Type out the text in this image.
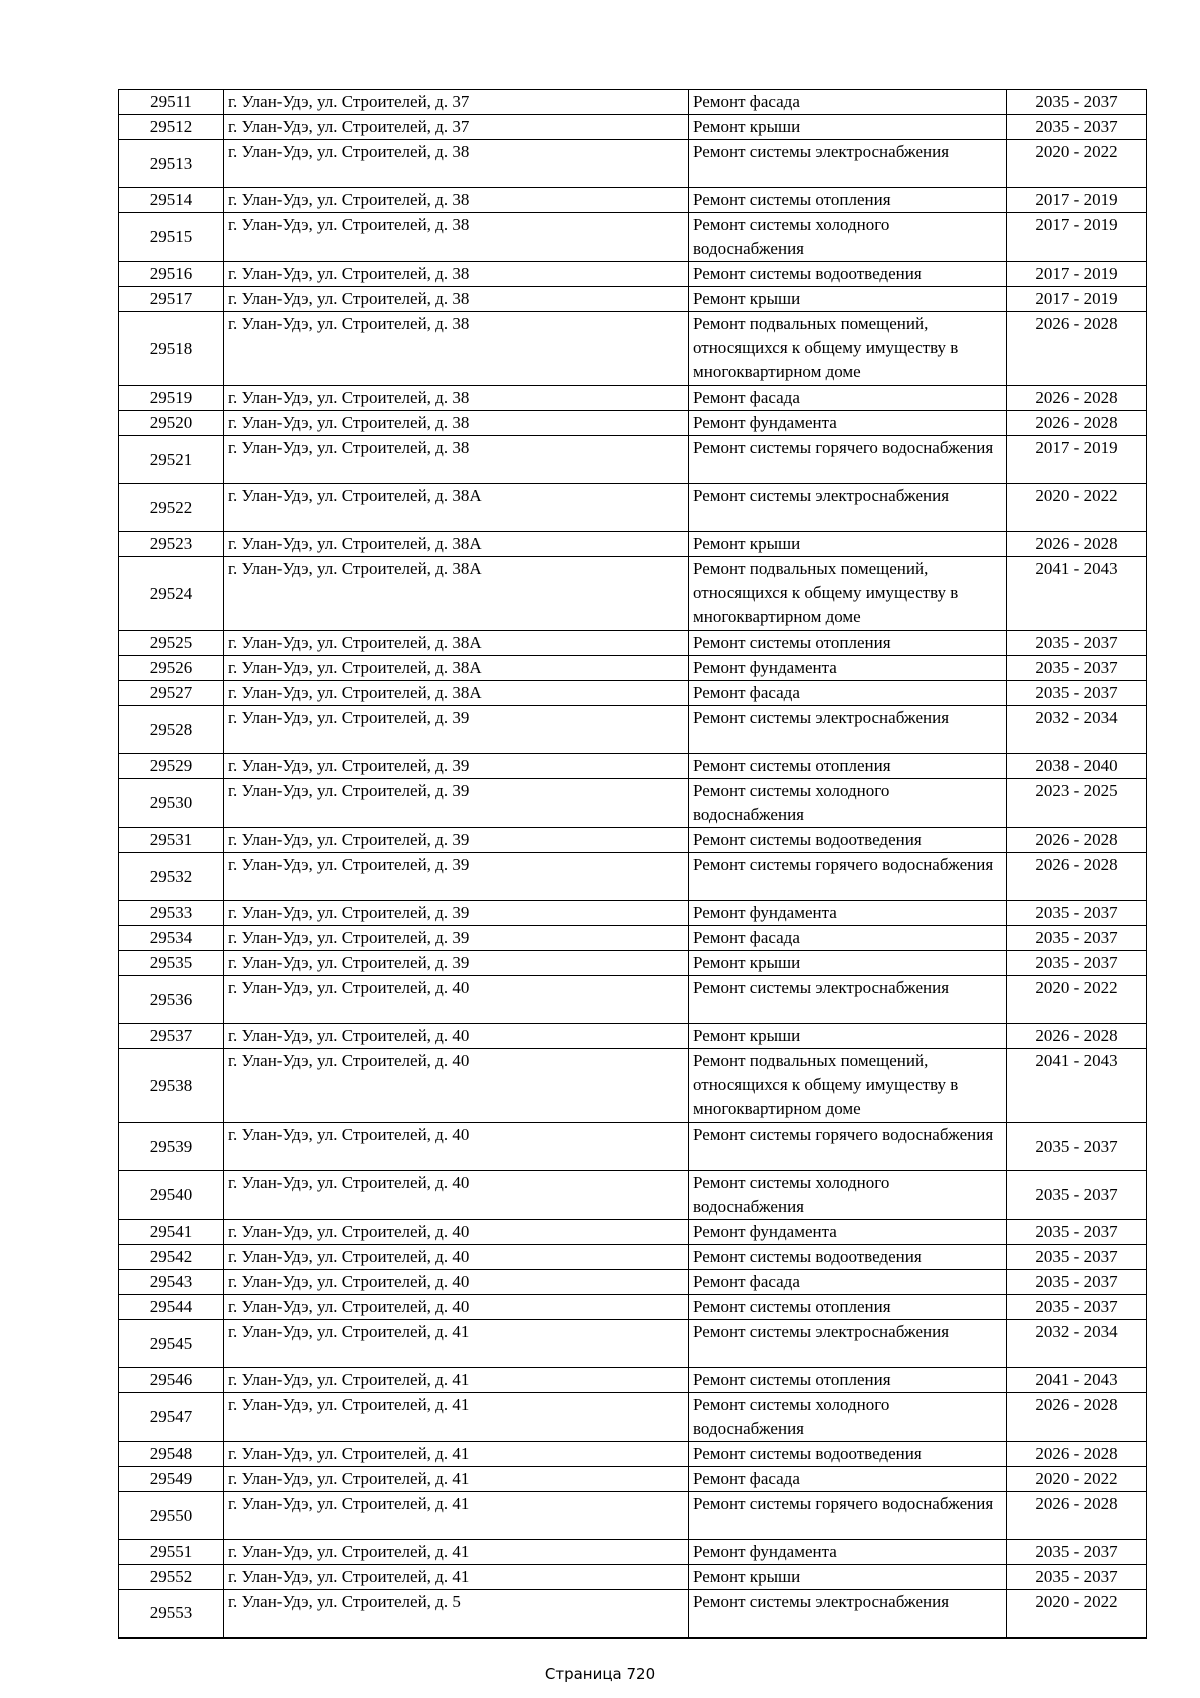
29511	г. Улан-Удэ, ул. Строителей, д. 37	Ремонт фасада	2035 - 2037
29512	г. Улан-Удэ, ул. Строителей, д. 37	Ремонт крыши	2035 - 2037
29513	г. Улан-Удэ, ул. Строителей, д. 38	Ремонт системы электроснабжения	2020 - 2022
29514	г. Улан-Удэ, ул. Строителей, д. 38	Ремонт системы отопления	2017 - 2019
29515	г. Улан-Удэ, ул. Строителей, д. 38	Ремонт системы холодного водоснабжения	2017 - 2019
29516	г. Улан-Удэ, ул. Строителей, д. 38	Ремонт системы водоотведения	2017 - 2019
29517	г. Улан-Удэ, ул. Строителей, д. 38	Ремонт крыши	2017 - 2019
29518	г. Улан-Удэ, ул. Строителей, д. 38	Ремонт подвальных помещений, относящихся к общему имуществу в многоквартирном доме	2026 - 2028
29519	г. Улан-Удэ, ул. Строителей, д. 38	Ремонт фасада	2026 - 2028
29520	г. Улан-Удэ, ул. Строителей, д. 38	Ремонт фундамента	2026 - 2028
29521	г. Улан-Удэ, ул. Строителей, д. 38	Ремонт системы горячего водоснабжения	2017 - 2019
29522	г. Улан-Удэ, ул. Строителей, д. 38А	Ремонт системы электроснабжения	2020 - 2022
29523	г. Улан-Удэ, ул. Строителей, д. 38А	Ремонт крыши	2026 - 2028
29524	г. Улан-Удэ, ул. Строителей, д. 38А	Ремонт подвальных помещений, относящихся к общему имуществу в многоквартирном доме	2041 - 2043
29525	г. Улан-Удэ, ул. Строителей, д. 38А	Ремонт системы отопления	2035 - 2037
29526	г. Улан-Удэ, ул. Строителей, д. 38А	Ремонт фундамента	2035 - 2037
29527	г. Улан-Удэ, ул. Строителей, д. 38А	Ремонт фасада	2035 - 2037
29528	г. Улан-Удэ, ул. Строителей, д. 39	Ремонт системы электроснабжения	2032 - 2034
29529	г. Улан-Удэ, ул. Строителей, д. 39	Ремонт системы отопления	2038 - 2040
29530	г. Улан-Удэ, ул. Строителей, д. 39	Ремонт системы холодного водоснабжения	2023 - 2025
29531	г. Улан-Удэ, ул. Строителей, д. 39	Ремонт системы водоотведения	2026 - 2028
29532	г. Улан-Удэ, ул. Строителей, д. 39	Ремонт системы горячего водоснабжения	2026 - 2028
29533	г. Улан-Удэ, ул. Строителей, д. 39	Ремонт фундамента	2035 - 2037
29534	г. Улан-Удэ, ул. Строителей, д. 39	Ремонт фасада	2035 - 2037
29535	г. Улан-Удэ, ул. Строителей, д. 39	Ремонт крыши	2035 - 2037
29536	г. Улан-Удэ, ул. Строителей, д. 40	Ремонт системы электроснабжения	2020 - 2022
29537	г. Улан-Удэ, ул. Строителей, д. 40	Ремонт крыши	2026 - 2028
29538	г. Улан-Удэ, ул. Строителей, д. 40	Ремонт подвальных помещений, относящихся к общему имуществу в многоквартирном доме	2041 - 2043
29539	г. Улан-Удэ, ул. Строителей, д. 40	Ремонт системы горячего водоснабжения	2035 - 2037
29540	г. Улан-Удэ, ул. Строителей, д. 40	Ремонт системы холодного водоснабжения	2035 - 2037
29541	г. Улан-Удэ, ул. Строителей, д. 40	Ремонт фундамента	2035 - 2037
29542	г. Улан-Удэ, ул. Строителей, д. 40	Ремонт системы водоотведения	2035 - 2037
29543	г. Улан-Удэ, ул. Строителей, д. 40	Ремонт фасада	2035 - 2037
29544	г. Улан-Удэ, ул. Строителей, д. 40	Ремонт системы отопления	2035 - 2037
29545	г. Улан-Удэ, ул. Строителей, д. 41	Ремонт системы электроснабжения	2032 - 2034
29546	г. Улан-Удэ, ул. Строителей, д. 41	Ремонт системы отопления	2041 - 2043
29547	г. Улан-Удэ, ул. Строителей, д. 41	Ремонт системы холодного водоснабжения	2026 - 2028
29548	г. Улан-Удэ, ул. Строителей, д. 41	Ремонт системы водоотведения	2026 - 2028
29549	г. Улан-Удэ, ул. Строителей, д. 41	Ремонт фасада	2020 - 2022
29550	г. Улан-Удэ, ул. Строителей, д. 41	Ремонт системы горячего водоснабжения	2026 - 2028
29551	г. Улан-Удэ, ул. Строителей, д. 41	Ремонт фундамента	2035 - 2037
29552	г. Улан-Удэ, ул. Строителей, д. 41	Ремонт крыши	2035 - 2037
29553	г. Улан-Удэ, ул. Строителей, д. 5	Ремонт системы электроснабжения	2020 - 2022
Страница 720
